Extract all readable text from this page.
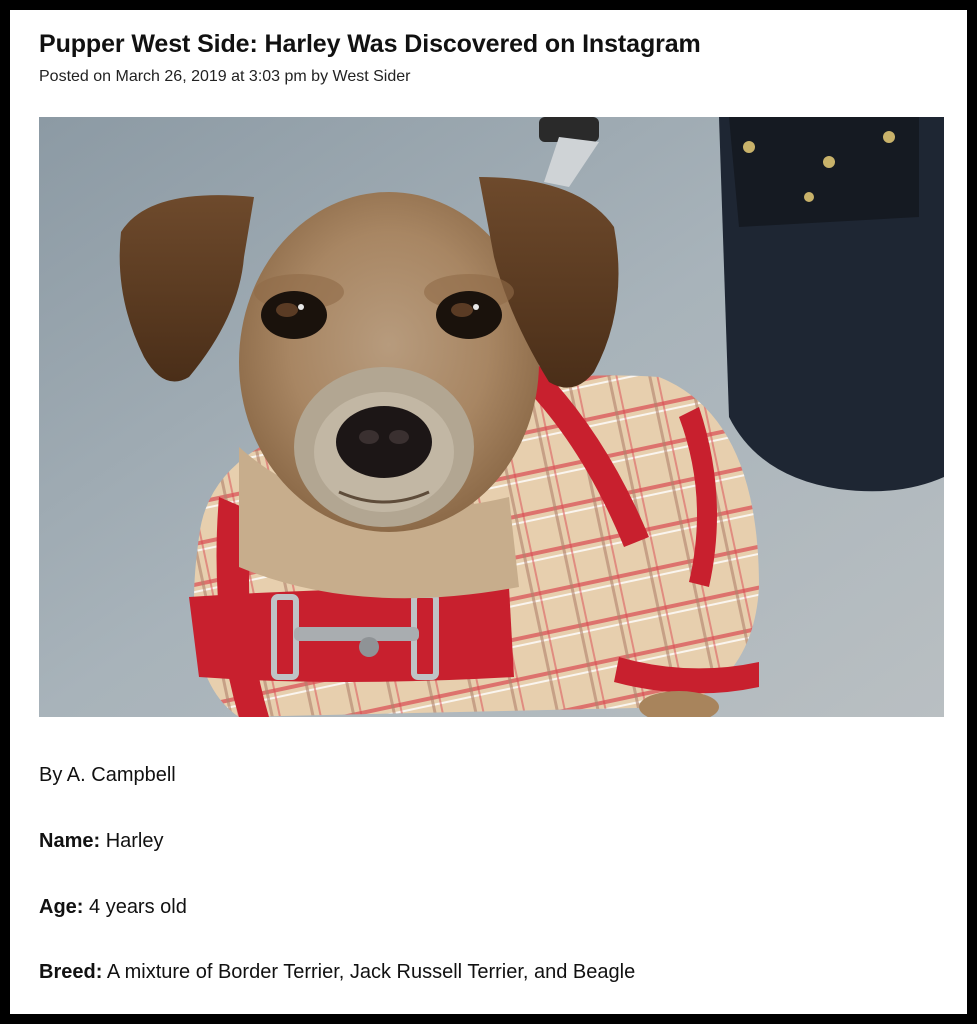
Pupper West Side: Harley Was Discovered on Instagram
Posted on March 26, 2019 at 3:03 pm by West Sider

By A. Campbell

Name: Harley

Age: 4 years old

Breed: A mixture of Border Terrier, Jack Russell Terrier, and Beagle
